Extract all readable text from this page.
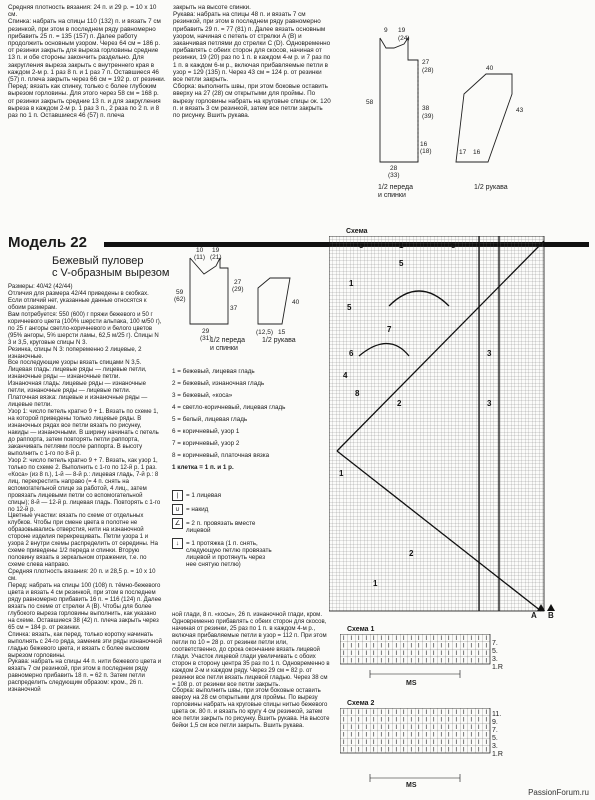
Средняя плотность вязания: 24 п. и 29 р. = 10 х 10 см.
Спинка: набрать на спицы 110 (132) п. и вязать 7 см резинкой, при этом в последнем ряду равномерно прибавить 25 п. = 135 (157) п. Далее работу продолжить основным узором. Через 64 см = 186 р. от резинки закрыть для выреза горловины средние 13 п. и обе стороны закончить раздельно. Для закругления выреза закрыть с внутреннего края в каждом 2-м р. 1 раз 8 п. и 1 раз 7 п. Оставшиеся 46 (57) п. плеча закрыть через 66 см = 192 р. от резинки.
Перед: вязать как спинку, только с более глубоким вырезом горловины. Для этого через 58 см = 168 р. от резинки закрыть средние 13 п. и для закругления выреза в каждом 2-м р. 1 раз 3 п., 2 раза по 2 п. и 8 раз по 1 п. Оставшиеся 46 (57) п. плеча
закрыть на высоте спинки.
Рукава: набрать на спицы 48 п. и вязать 7 см резинкой, при этом в последнем ряду равномерно прибавить 29 п. = 77 (81) п. Далее вязать основным узором, начиная с петель от стрелки А (В) и заканчивая петлями до стрелки С (D). Одновременно прибавлять с обеих сторон для скосов, начиная от резинки, 19 (20) раз по 1 п. в каждом 4-м р. и 7 раз по 1 п. в каждом 6-м р., включая прибавляемые петли в узор = 129 (135) п. Через 43 см = 124 р. от резинки все петли закрыть.
Сборка: выполнить швы, при этом боковые оставить вверху на 27 (28) см открытыми для проймы. По вырезу горловины набрать на круговые спицы ок. 120 п. и вязать 3 см резинкой, затем все петли закрыть по рисунку. Вшить рукава.
9 19
(24)
27
(28)
38
(39)
58
16
(18)
28
(33)
17 16
43
40
1/2 переда
и спинки
1/2 рукава
Модель 22
Бежевый пуловер
с V-образным вырезом
10
(11)
19
(21)
59
(62)
37
27
(29)
29
(31)
(12,5) 15
40
1/2 переда
и спинки
1/2 рукава
Размеры: 40/42 (42/44)
Отличия для размера 42/44 приведены в скобках. Если отличий нет, указанные данные относятся к обоим размерам.
Вам потребуется: 550 (600) г пряжи бежевого и 50 г коричневого цвета (100% шерсти альпака, 100 м/50 г), по 25 г ангоры светло-коричневого и белого цветов (95% ангоры, 5% шерсти ламы, 62,5 м/25 г). Спицы N 3 и 3,5, круговые спицы N 3.
Резинка, спицы N 3: попеременно 2 лицевые, 2 изнаночные.
Все последующие узоры вязать спицами N 3,5.
Лицевая гладь: лицевые ряды — лицевые петли, изнаночные ряды — изнаночные петли.
Изнаночная гладь: лицевые ряды — изнаночные петли, изнаночные ряды — лицевые петли.
Платочная вязка: лицевые и изнаночные ряды — лицевые петли.
Узор 1: число петель кратно 9 + 1. Вязать по схеме 1, на которой приведены только лицевые ряды. В изнаночных рядах все петли вязать по рисунку, накиды — изнаночными. В ширину начинать с петель до раппорта, затем повторять петли раппорта, заканчивать петлями после раппорта. В высоту выполнить с 1-го по 8-й р.
Узор 2: число петель кратно 9 + 7. Вязать, как узор 1, только по схеме 2. Выполнить с 1-го по 12-й р. 1 раз.
«Коса» (из 8 п.), 1-й — 8-й р.: лицевая гладь, 7-й р.: 8 лиц. перекрестить направо (= 4 п. снять на вспомогательной спице за работой, 4 лиц., затем провязать лицевыми петли со вспомогательной спицы); 8-й — 12-й р. лицевая гладь. Повторять с 1-го по 12-й р.
Цветные участки: вязать по схеме от отдельных клубков. Чтобы при смене цвета в полотне не образовывались отверстия, нити на изнаночной стороне изделия перекрещивать. Петли узора 1 и узора 2 внутри схемы распределить от середины. На схеме приведены 1/2 переда и спинки. Вторую половину вязать в зеркальном отражении, т.е. по схеме слева направо.
Средняя плотность вязания: 20 п. и 28,5 р. = 10 х 10 см.
Перед: набрать на спицы 100 (108) п. тёмно-бежевого цвета и вязать 4 см резинкой, при этом в последнем ряду равномерно прибавить 16 п. = 116 (124) п. Далее вязать по схеме от стрелки A (B). Чтобы для более глубокого выреза горловины выполнить, как указано на схеме. Оставшиеся 38 (42) п. плеча закрыть через 65 см = 184 р. от резинки.
Спинка: вязать, как перед, только коротку начинать выполнять с 24-го ряда, заменив эти ряды изнаночной гладью бежевого цвета, и вязать с более высоким вырезом горловины.
Рукава: набрать на спицы 44 п. нити бежевого цвета и вязать 7 см резинкой, при этом в последнем ряду равномерно прибавить 18 п. = 62 п. Затем петли распределить следующим образом: кром., 26 п. изнаночной
1 = бежевый, лицевая гладь
2 = бежевый, изнаночная гладь
3 = бежевый, «коса»
4 = светло-коричневый, лицевая гладь
5 = белый, лицевая гладь
6 = коричневый, узор 1
7 = коричневый, узор 2
8 = коричневый, платочная вязка
1 клетка = 1 п. и 1 р.
|	= 1 лицевая
∪ = накид
∠ = 2 п. провязать вместе
лицевой
↓	= 1 протяжка (1 п. снять,
следующую петлю провязать
лицевой и протянуть через
нее снятую петлю)
Схема
5
1
5
5
1
5
6
4
3
2
7
8
1
3
2
1
A B
ной глади, 8 п. «косы», 26 п. изнаночной глади, кром. Одновременно прибавлять с обеих сторон для скосов, начиная от резинки, 25 раз по 1 п. в каждом 4-м р., включая прибавляемые петли в узор = 112 п. При этом петли по 10 = 28 р. от резинки петли или, соответственно, до срока окончание вязать лицевой глади. Участок лицевой глади увеличивать с обоих сторон в сторону центра 35 раз по 1 п. Одновременно в каждом 2-м и каждом ряду. Через 29 см = 82 р. от резинки все петли вязать лицевой гладью. Через 38 см = 108 р. от резинки все петли закрыть.
Сборка: выполнить швы, при этом боковые оставить вверху на 28 см открытыми для проймы. По вырезу горловины набрать на круговые спицы нитью бежевого цвета ок. 80 п. и вязать по кругу 4 см резинкой, затем все петли закрыть по рисунку. Вшить рукава. На высоте бейки 1,5 см все петли закрыть. Вшить рукава.
Схема 1
7.
5.
3.
1.R
MS
Схема 2
11.
9.
7.
5.
3.
1.R
MS
PassionForum.ru
